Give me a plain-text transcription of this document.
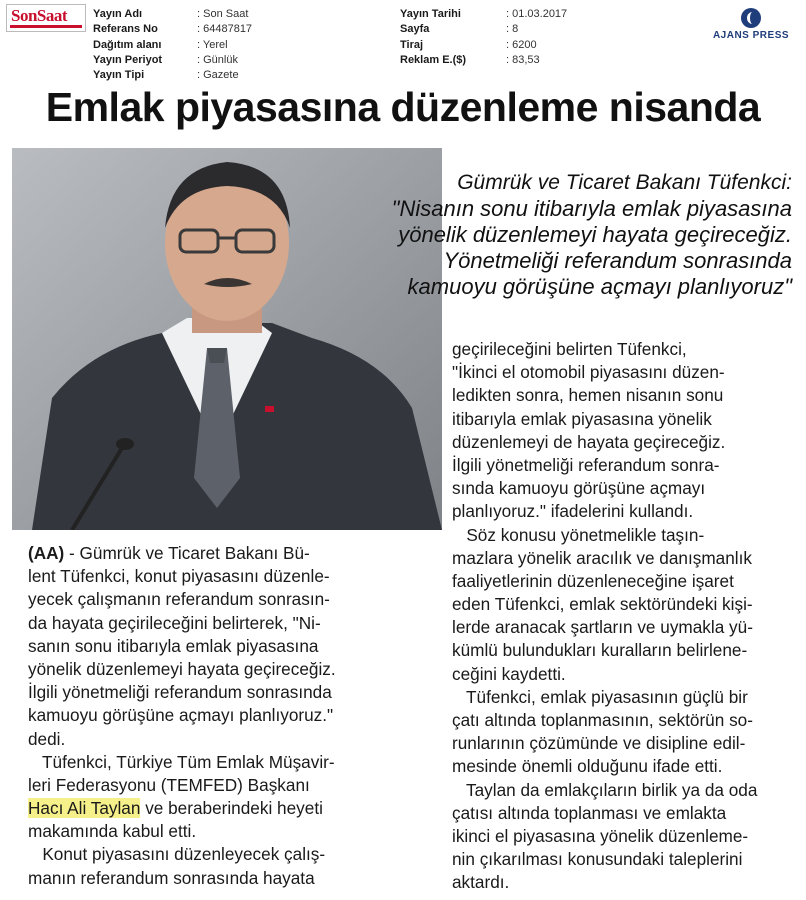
SonSaat Yayın Adı	: Son Saat
Referans No	: 64487817
Dağıtım alanı	: Yerel
Yayın Periyot	: Günlük
Yayın Tipi	: Gazete
Yayın Tarihi	: 01.03.2017
Sayfa	: 8
Tiraj	: 6200
Reklam E.($)	: 83,53
AJANS PRESS
Emlak piyasasına düzenleme nisanda
Gümrük ve Ticaret Bakanı Tüfenkci:
"Nisanın sonu itibarıyla emlak piyasasına
yönelik düzenlemeyi hayata geçireceğiz.
Yönetmeliği referandum sonrasında
kamuoyu görüşüne açmayı planlıyoruz"
(AA) - Gümrük ve Ticaret Bakanı Bü-
lent Tüfenkci, konut piyasasını düzenle-
yecek çalışmanın referandum sonrasın-
da hayata geçirileceğini belirterek, "Ni-
sanın sonu itibarıyla emlak piyasasına
yönelik düzenlemeyi hayata geçireceğiz.
İlgili yönetmeliği referandum sonrasında
kamuoyu görüşüne açmayı planlıyoruz."
dedi.
Tüfenkci, Türkiye Tüm Emlak Müşavir-
leri Federasyonu (TEMFED) Başkanı
Hacı Ali Taylan ve beraberindeki heyeti
makamında kabul etti.
Konut piyasasını düzenleyecek çalış-
manın referandum sonrasında hayata
geçirileceğini belirten Tüfenkci,
"İkinci el otomobil piyasasını düzen-
ledikten sonra, hemen nisanın sonu
itibarıyla emlak piyasasına yönelik
düzenlemeyi de hayata geçireceğiz.
İlgili yönetmeliği referandum sonra-
sında kamuoyu görüşüne açmayı
planlıyoruz." ifadelerini kullandı.
Söz konusu yönetmelikle taşın-
mazlara yönelik aracılık ve danışmanlık
faaliyetlerinin düzenleneceğine işaret
eden Tüfenkci, emlak sektöründeki kişi-
lerde aranacak şartların ve uymakla yü-
kümlü bulundukları kuralların belirlene-
ceğini kaydetti.
Tüfenkci, emlak piyasasının güçlü bir
çatı altında toplanmasının, sektörün so-
runlarının çözümünde ve disipline edil-
mesinde önemli olduğunu ifade etti.
Taylan da emlakçıların birlik ya da oda
çatısı altında toplanması ve emlakta
ikinci el piyasasına yönelik düzenleme-
nin çıkarılması konusundaki taleplerini
aktardı.
